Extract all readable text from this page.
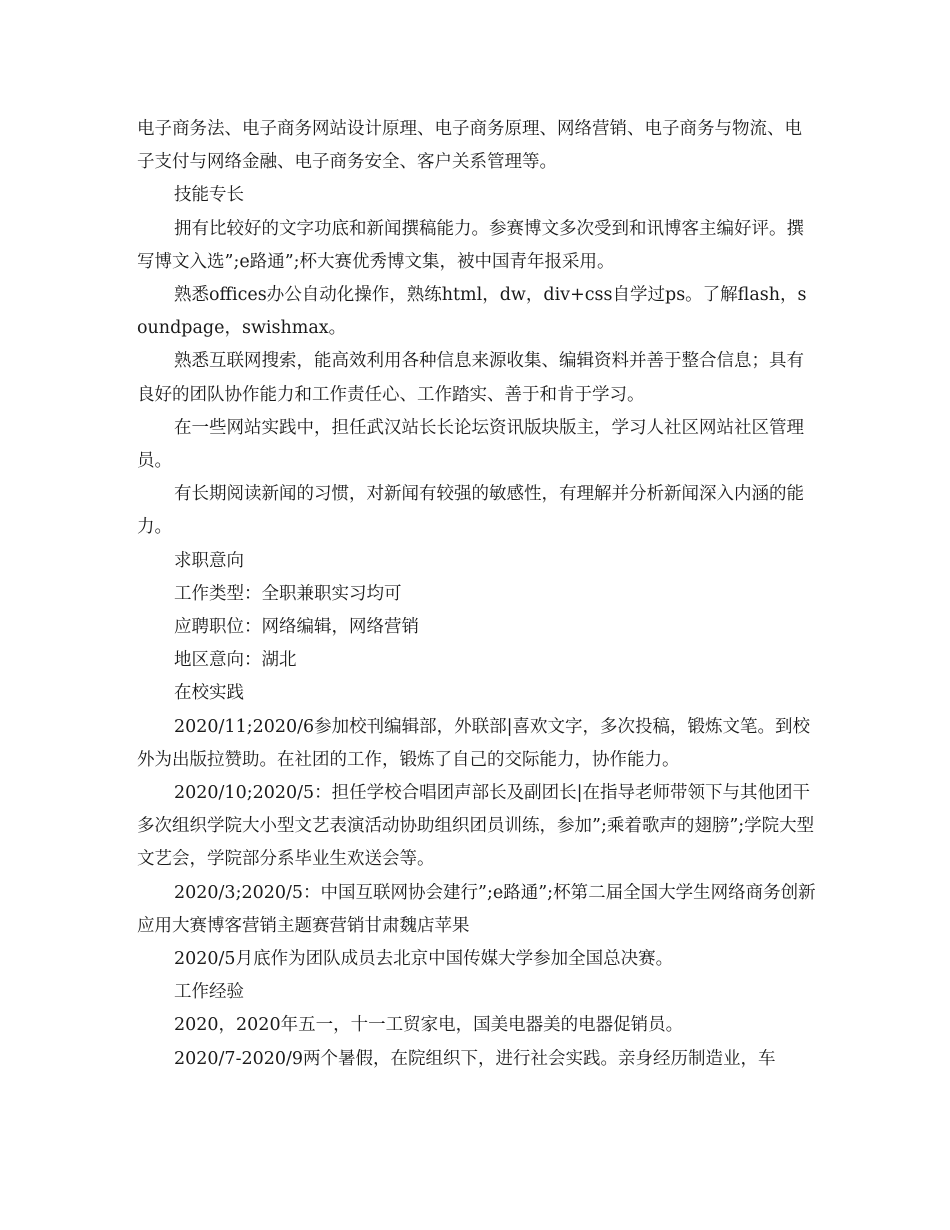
电子商务法、电子商务网站设计原理、电子商务原理、网络营销、电子商务与物流、电子支付与网络金融、电子商务安全、客户关系管理等。

技能专长

拥有比较好的文字功底和新闻撰稿能力。参赛博文多次受到和讯博客主编好评。撰写博文入选”;e路通”;杯大赛优秀博文集，被中国青年报采用。

熟悉offices办公自动化操作，熟练html，dw，div+css自学过ps。了解flash，soundpage，swishmax。

熟悉互联网搜索，能高效利用各种信息来源收集、编辑资料并善于整合信息；具有良好的团队协作能力和工作责任心、工作踏实、善于和肯于学习。

在一些网站实践中，担任武汉站长长论坛资讯版块版主，学习人社区网站社区管理员。

有长期阅读新闻的习惯，对新闻有较强的敏感性，有理解并分析新闻深入内涵的能力。

求职意向

工作类型：全职兼职实习均可

应聘职位：网络编辑，网络营销

地区意向：湖北

在校实践

2020/11;2020/6参加校刊编辑部，外联部|喜欢文字，多次投稿，锻炼文笔。到校外为出版拉赞助。在社团的工作，锻炼了自己的交际能力，协作能力。

2020/10;2020/5：担任学校合唱团声部长及副团长|在指导老师带领下与其他团干多次组织学院大小型文艺表演活动协助组织团员训练，参加”;乘着歌声的翅膀”;学院大型文艺会，学院部分系毕业生欢送会等。

2020/3;2020/5：中国互联网协会建行”;e路通”;杯第二届全国大学生网络商务创新应用大赛博客营销主题赛营销甘肃魏店苹果

2020/5月底作为团队成员去北京中国传媒大学参加全国总决赛。

工作经验

2020，2020年五一，十一工贸家电，国美电器美的电器促销员。

2020/7-2020/9两个暑假，在院组织下，进行社会实践。亲身经历制造业，车
